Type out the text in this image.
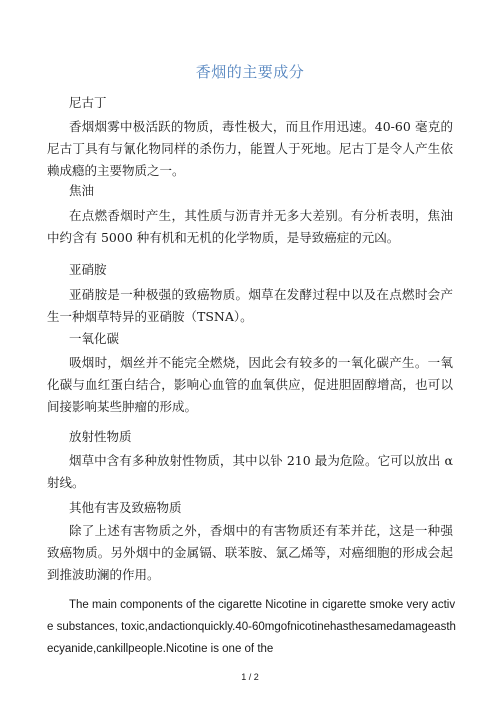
香烟的主要成分
尼古丁
香烟烟雾中极活跃的物质，毒性极大，而且作用迅速。40-60 毫克的尼古丁具有与氰化物同样的杀伤力，能置人于死地。尼古丁是令人产生依赖成瘾的主要物质之一。
焦油
在点燃香烟时产生，其性质与沥青并无多大差别。有分析表明，焦油中约含有 5000 种有机和无机的化学物质，是导致癌症的元凶。
亚硝胺
亚硝胺是一种极强的致癌物质。烟草在发酵过程中以及在点燃时会产生一种烟草特异的亚硝胺（TSNA）。
一氧化碳
吸烟时，烟丝并不能完全燃烧，因此会有较多的一氧化碳产生。一氧化碳与血红蛋白结合，影响心血管的血氧供应，促进胆固醇增高，也可以间接影响某些肿瘤的形成。
放射性物质
烟草中含有多种放射性物质，其中以钋 210 最为危险。它可以放出 α 射线。
其他有害及致癌物质
除了上述有害物质之外，香烟中的有害物质还有苯并芘，这是一种强致癌物质。另外烟中的金属镉、联苯胺、氯乙烯等，对癌细胞的形成会起到推波助澜的作用。
The main components of the cigarette Nicotine in cigarette smoke very active substances, toxic,andactionquickly.40-60mgofnicotinehasthesamedamageasthecyanide,cankillpeople.Nicotine is one of the
1 / 2
